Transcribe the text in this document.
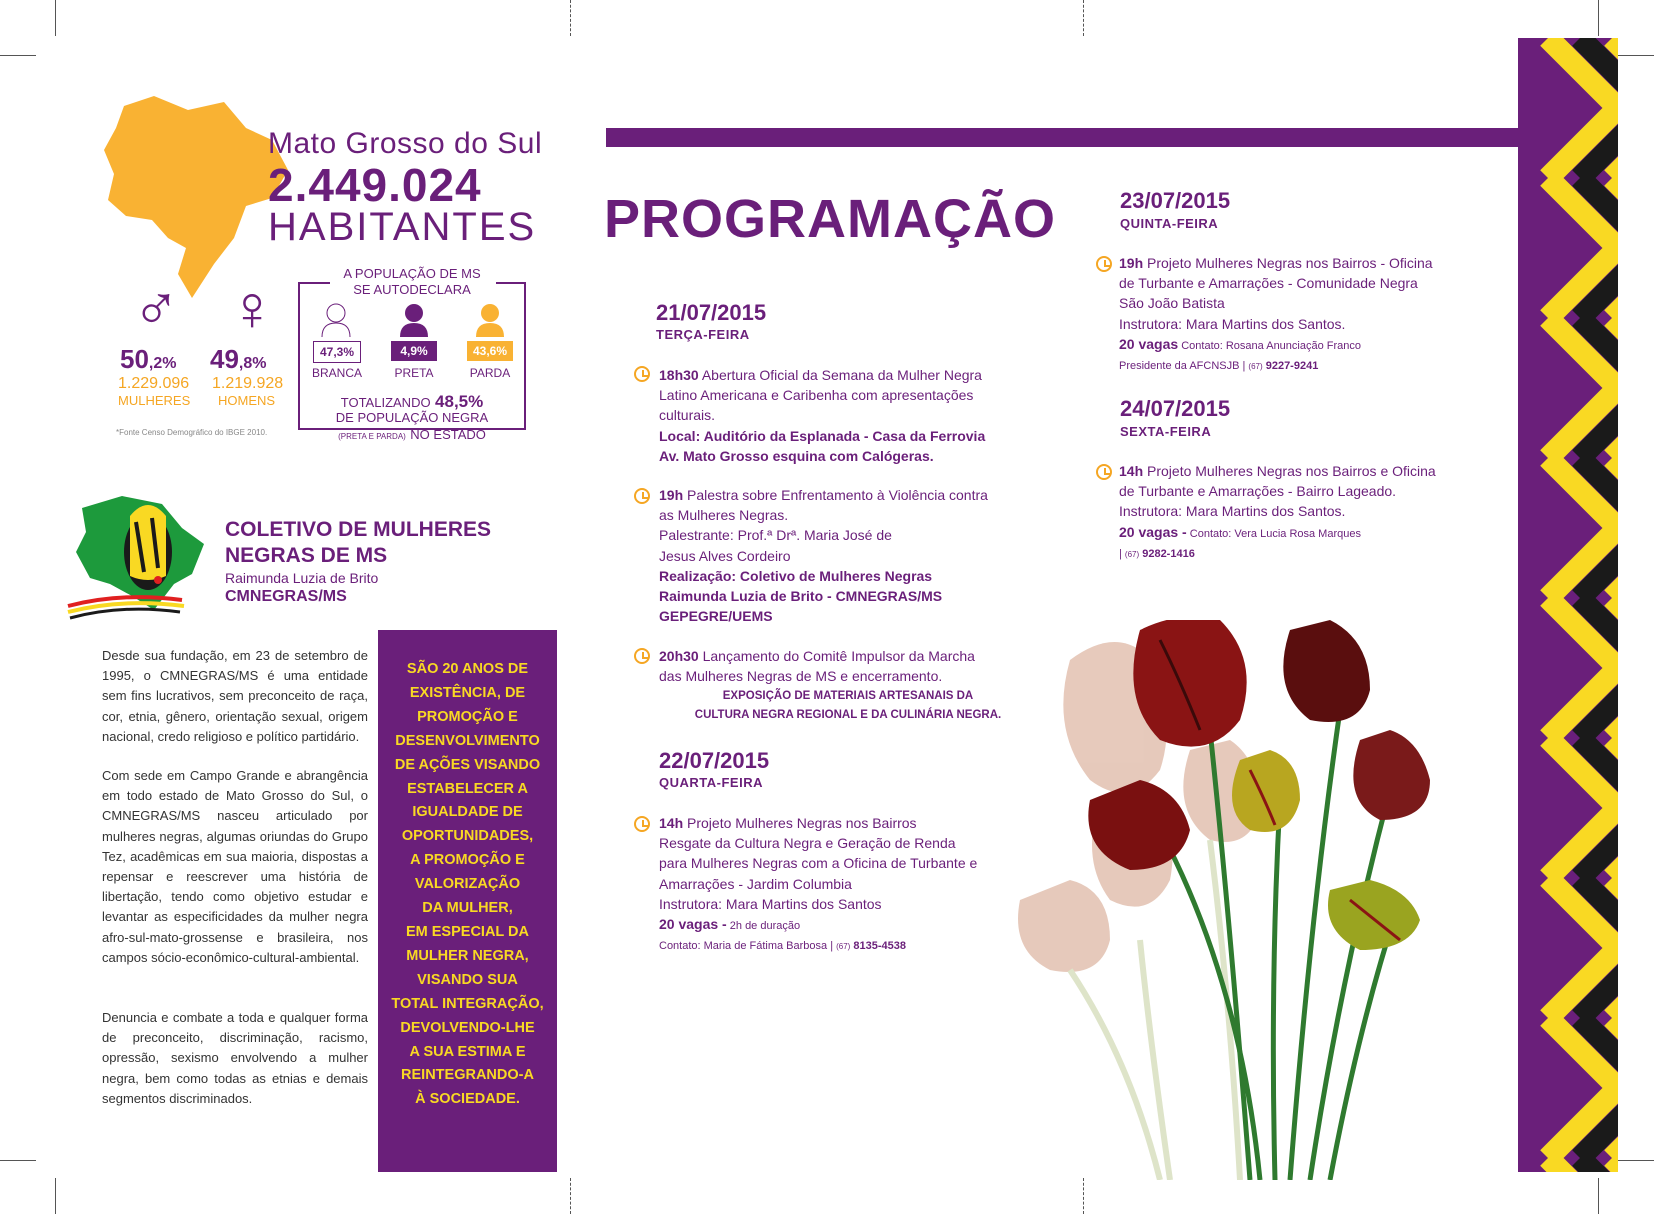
Mato Grosso do Sul
2.449.024
HABITANTES
♂ ♀
50,2%
1.229.096
MULHERES
49,8%
1.219.928
HOMENS
A POPULAÇÃO DE MS
SE AUTODECLARA
47,3%	4,9%	43,6%
BRANCA	PRETA	PARDA
TOTALIZANDO 48,5%
DE POPULAÇÃO NEGRA
(PRETA E PARDA) NO ESTADO
*Fonte Censo Demográfico do IBGE 2010.
COLETIVO DE MULHERES
NEGRAS DE MS
Raimunda Luzia de Brito
CMNEGRAS/MS
Desde sua fundação, em 23 de setembro de 1995, o CMNEGRAS/MS é uma entidade sem fins lucrativos, sem preconceito de raça, cor, etnia, gênero, orientação sexual, origem nacional, credo religioso e político partidário.
Com sede em Campo Grande e abrangência em todo estado de Mato Grosso do Sul, o CMNEGRAS/MS nasceu articulado por mulheres negras, algumas oriundas do Grupo Tez, acadêmicas em sua maioria, dispostas a repensar e reescrever uma história de libertação, tendo como objetivo estudar e levantar as especificidades da mulher negra afro-sul-mato-grossense e brasileira, nos campos sócio-econômico-cultural-ambiental.
Denuncia e combate a toda e qualquer forma de preconceito, discriminação, racismo, opressão, sexismo envolvendo a mulher negra, bem como todas as etnias e demais segmentos discriminados.
SÃO 20 ANOS DE
EXISTÊNCIA, DE
PROMOÇÃO E
DESENVOLVIMENTO
DE AÇÕES VISANDO
ESTABELECER A
IGUALDADE DE
OPORTUNIDADES,
A PROMOÇÃO E
VALORIZAÇÃO
DA MULHER,
EM ESPECIAL DA
MULHER NEGRA,
VISANDO SUA
TOTAL INTEGRAÇÃO,
DEVOLVENDO-LHE
A SUA ESTIMA E
REINTEGRANDO-A
À SOCIEDADE.
PROGRAMAÇÃO
21/07/2015
TERÇA-FEIRA
18h30 Abertura Oficial da Semana da Mulher Negra
Latino Americana e Caribenha com apresentações
culturais.
Local: Auditório da Esplanada - Casa da Ferrovia
Av. Mato Grosso esquina com Calógeras.
19h Palestra sobre Enfrentamento à Violência contra
as Mulheres Negras.
Palestrante: Prof.ª Drª. Maria José de
Jesus Alves Cordeiro
Realização: Coletivo de Mulheres Negras
Raimunda Luzia de Brito - CMNEGRAS/MS
GEPEGRE/UEMS
20h30 Lançamento do Comitê Impulsor da Marcha
das Mulheres Negras de MS e encerramento.
EXPOSIÇÃO DE MATERIAIS ARTESANAIS DA
CULTURA NEGRA REGIONAL E DA CULINÁRIA NEGRA.
22/07/2015
QUARTA-FEIRA
14h Projeto Mulheres Negras nos Bairros
Resgate da Cultura Negra e Geração de Renda
para Mulheres Negras com a Oficina de Turbante e
Amarrações - Jardim Columbia
Instrutora: Mara Martins dos Santos
20 vagas - 2h de duração
Contato: Maria de Fátima Barbosa | (67) 8135-4538
23/07/2015
QUINTA-FEIRA
19h Projeto Mulheres Negras nos Bairros - Oficina
de Turbante e Amarrações - Comunidade Negra
São João Batista
Instrutora: Mara Martins dos Santos.
20 vagas Contato: Rosana Anunciação Franco
Presidente da AFCNSJB | (67) 9227-9241
24/07/2015
SEXTA-FEIRA
14h Projeto Mulheres Negras nos Bairros e Oficina
de Turbante e Amarrações - Bairro Lageado.
Instrutora: Mara Martins dos Santos.
20 vagas - Contato: Vera Lucia Rosa Marques
| (67) 9282-1416
